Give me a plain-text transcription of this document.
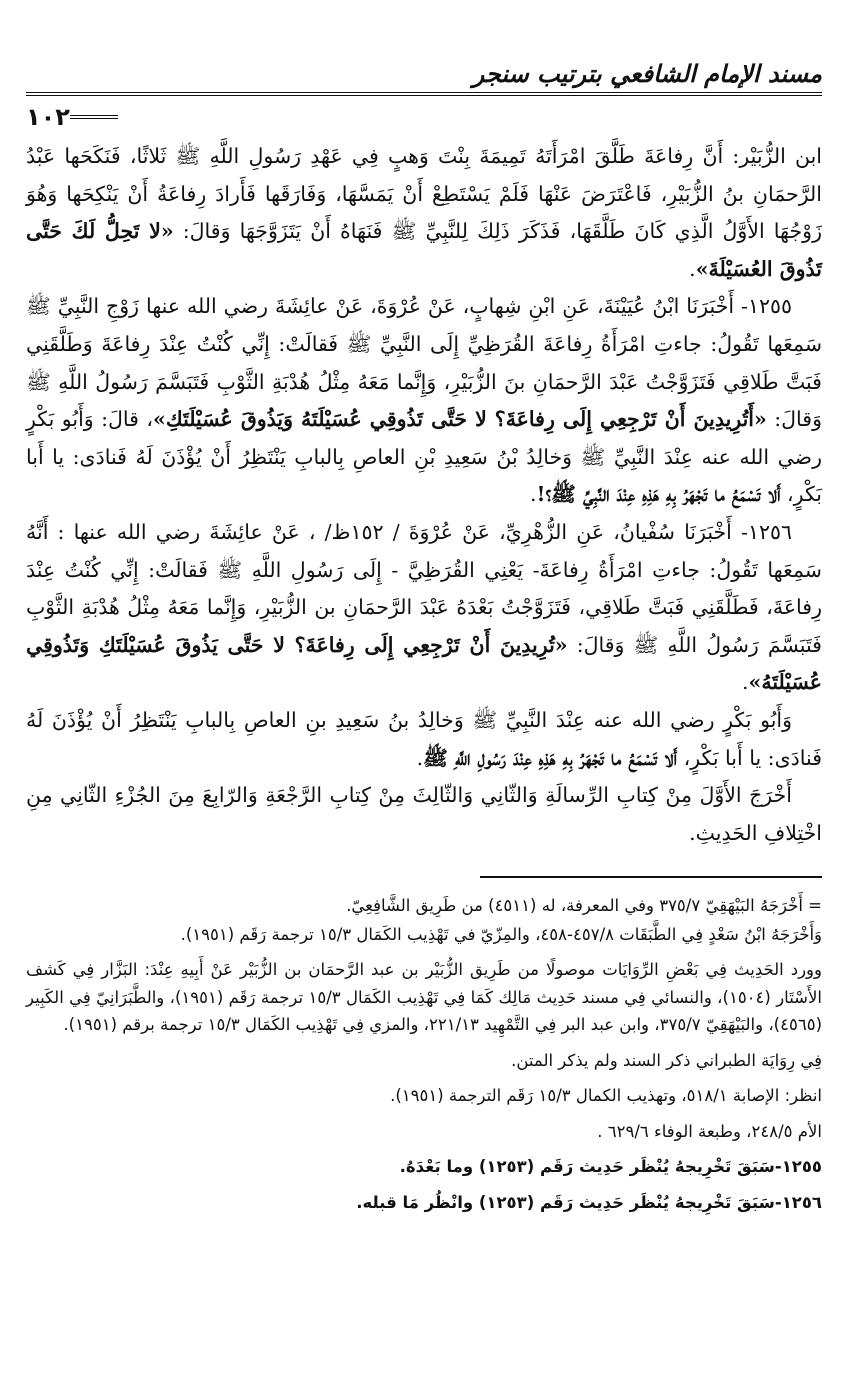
مسند الإمام الشافعي بترتيب سنجر
١٠٢

ابن الزُّبَيْر: أَنَّ رِفاعَةَ طَلَّقَ امْرَأَتَهُ تَمِيمَةَ بِنْتَ وَهبٍ فِي عَهْدِ رَسُولِ اللَّهِ ﷺ ثَلاثًا، فَنَكَحَها عَبْدُ الرَّحمَانِ بنُ الزُّبَيْرِ، فَاعْتَرَضَ عَنْهَا فَلَمْ يَسْتَطِعْ أَنْ يَمَسَّهَا، وَفَارَقَها فَأَرادَ رِفاعَةُ أَنْ يَنْكِحَها وَهُوَ زَوْجُهَا الأَوَّلُ الَّذِي كَانَ طَلَّقَهَا، فَذَكَرَ ذَلِكَ لِلنَّبِيِّ ﷺ فَنَهَاهُ أَنْ يَتَزَوَّجَهَا وَقالَ: «لا تَحِلُّ لَكَ حَتَّى تَذُوقَ العُسَيْلَةَ».

١٢٥٥- أَخْبَرَنَا ابْنُ عُيَيْنَةَ، عَنِ ابْنِ شِهابٍ، عَنْ عُرْوَةَ، عَنْ عائِشَةَ رضي الله عنها زَوْجِ النَّبِيِّ ﷺ سَمِعَها تَقُولُ: جاءتِ امْرَأَةُ رِفاعَةَ القُرَظِيِّ إِلَى النَّبِيِّ ﷺ فَقالَتْ: إِنِّي كُنْتُ عِنْدَ رِفاعَةَ وَطَلَّقَنِي فَبَتَّ طَلاقِي فَتَزَوَّجْتُ عَبْدَ الرَّحمَانِ بنَ الزُّبَيْرِ، وَإِنَّما مَعَهُ مِثْلُ هُدْبَةِ الثَّوْبِ فَتَبَسَّمَ رَسُولُ اللَّهِ ﷺ وَقالَ: «أَتُرِيدِينَ أَنْ تَرْجِعِي إِلَى رِفاعَةَ؟ لا حَتَّى تَذُوقِي عُسَيْلَتَهُ وَيَذُوقَ عُسَيْلَتَكِ»، قالَ: وَأَبُو بَكْرٍ رضي الله عنه عِنْدَ النَّبِيِّ ﷺ وَخالِدُ بْنُ سَعِيدِ بْنِ العاصِ بِالبابِ يَنْتَظِرُ أَنْ يُؤْذَنَ لَهُ فَنادَى: يا أَبا بَكْرٍ، أَلا تَسْمَعُ ما تَجْهَرُ بِهِ هَذِهِ عِنْدَ النَّبِيِّ ﷺ؟!.

١٢٥٦- أَخْبَرَنَا سُفْيانُ، عَنِ الزُّهْرِيِّ، عَنْ عُرْوَةَ / ١٥٢ظ/ ، عَنْ عائِشَةَ رضي الله عنها : أَنَّهُ سَمِعَها تَقُولُ: جاءتِ امْرَأَةُ رِفاعَةَ- يَعْنِي القُرَظِيَّ - إِلَى رَسُولِ اللَّهِ ﷺ فَقالَتْ: إِنِّي كُنْتُ عِنْدَ رِفاعَةَ، فَطَلَّقَنِي فَبَتَّ طَلاقِي، فَتَزَوَّجْتُ بَعْدَهُ عَبْدَ الرَّحمَانِ بن الزُّبَيْرِ، وَإِنَّما مَعَهُ مِثْلُ هُدْبَةِ الثَّوْبِ فَتَبَسَّمَ رَسُولُ اللَّهِ ﷺ وَقالَ: «تُرِيدِينَ أَنْ تَرْجِعِي إِلَى رِفاعَةَ؟ لا حَتَّى يَذُوقَ عُسَيْلَتَكِ وَتَذُوقِي عُسَيْلَتَهُ».

وَأَبُو بَكْرٍ رضي الله عنه عِنْدَ النَّبِيِّ ﷺ وَخالِدُ بنُ سَعِيدِ بنِ العاصِ بِالبابِ يَنْتَظِرُ أَنْ يُؤْذَنَ لَهُ فَنادَى: يا أَبا بَكْرٍ، أَلا تَسْمَعُ ما تَجْهَرُ بِهِ هَذِهِ عِنْدَ رَسُولِ اللَّهِ ﷺ.

أَخْرَجَ الأَوَّلَ مِنْ كِتابِ الرِّسالَةِ وَالثّانِي وَالثّالِثَ مِنْ كِتابِ الرَّجْعَةِ وَالرّابِعَ مِنَ الجُزْءِ الثّانِي مِنِ اخْتِلافِ الحَدِيثِ.

= أَخْرَجَهُ البَيْهَقِيّ ٣٧٥/٧ وفي المعرفة، له (٤٥١١) من طَرِيق الشَّافِعِيّ.

وَأَخْرَجَهُ ابْنُ سَعْدٍ فِي الطَّبَقَات ٤٥٧/٨-٤٥٨، والمِزّيّ في تَهْذِيب الكَمَال ١٥/٣ ترجمة رَقَم (١٩٥١).

وورد الحَدِيث فِي بَعْضِ الرِّوَايَات موصولًا من طَرِيق الزُّبَيْر بن عبد الرَّحمَان بن الزُّبَيْر عَنْ أَبِيهِ عِنْدَ: البَزَّار فِي كَشف الأَسْتَار (١٥٠٤)، والنسائي فِي مسند حَدِيث مَالِك كَمَا فِي تَهْذِيب الكَمَال ١٥/٣ ترجمة رَقَم (١٩٥١)، والطَّبَرَانِيّ فِي الكَبِير (٤٥٦٥)، والبَيْهَقِيّ ٣٧٥/٧، وابن عبد البر فِي التَّمْهِيد ٢٢١/١٣، والمزي فِي تَهْذِيب الكَمَال ١٥/٣ ترجمة برقم (١٩٥١).

فِي رِوَايَة الطبراني ذكر السند ولم يذكر المتن.

انظر: الإصابة ٥١٨/١، وتهذيب الكمال ١٥/٣ رَقَم الترجمة (١٩٥١).

الأم ٢٤٨/٥، وطبعة الوفاء ٦٢٩/٦ .

١٢٥٥-سَبَقَ تَخْرِيجهُ يُنْظَر حَدِيث رَقَم (١٢٥٣) وما بَعْدَهُ.

١٢٥٦-سَبَقَ تَخْرِيجهُ يُنْظَر حَدِيث رَقَم (١٢٥٣) وانْظُر مَا قبله.
